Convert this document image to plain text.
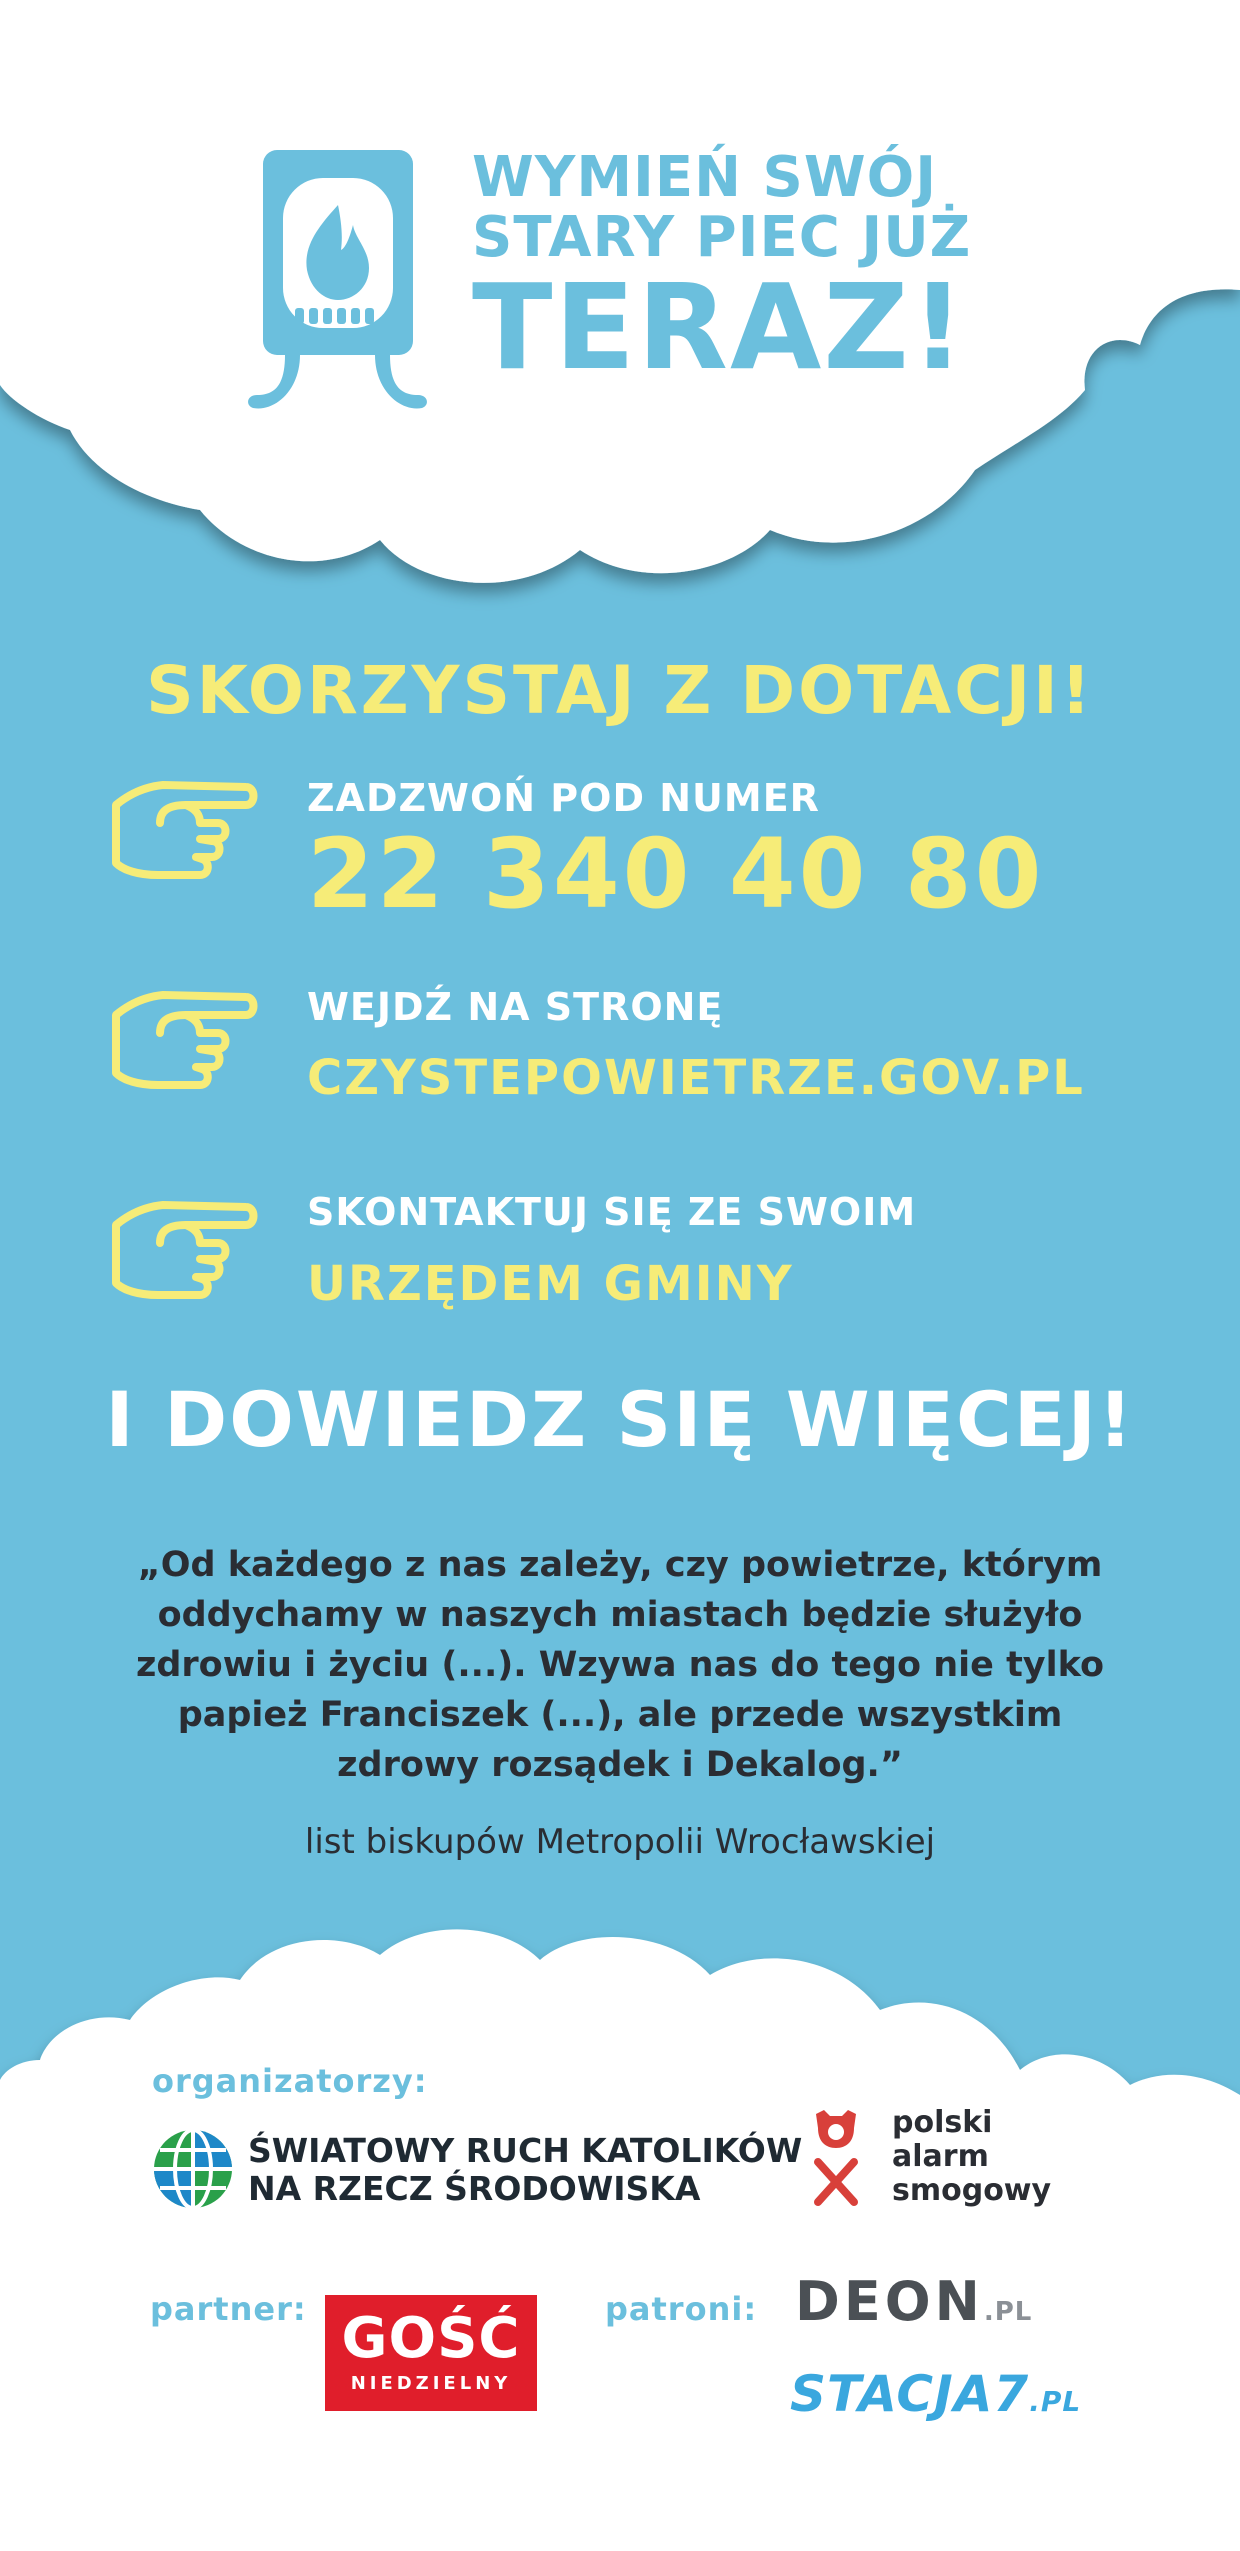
WYMIEŃ SWÓJ
STARY PIEC JUŻ
TERAZ!
SKORZYSTAJ Z DOTACJI!
ZADZWOŃ POD NUMER
22 340 40 80
WEJDŹ NA STRONĘ
CZYSTEPOWIETRZE.GOV.PL
SKONTAKTUJ SIĘ ZE SWOIM
URZĘDEM GMINY
I DOWIEDZ SIĘ WIĘCEJ!
„Od każdego z nas zależy, czy powietrze, którym
oddychamy w naszych miastach będzie służyło
zdrowiu i życiu (...). Wzywa nas do tego nie tylko
papież Franciszek (...), ale przede wszystkim
zdrowy rozsądek i Dekalog.”
list biskupów Metropolii Wrocławskiej
organizatorzy:
ŚWIATOWY RUCH KATOLIKÓW
NA RZECZ ŚRODOWISKA
polski
alarm
smogowy
partner: GOŚĆ
NIEDZIELNY
patroni: DEON.PL
STACJA7.PL
